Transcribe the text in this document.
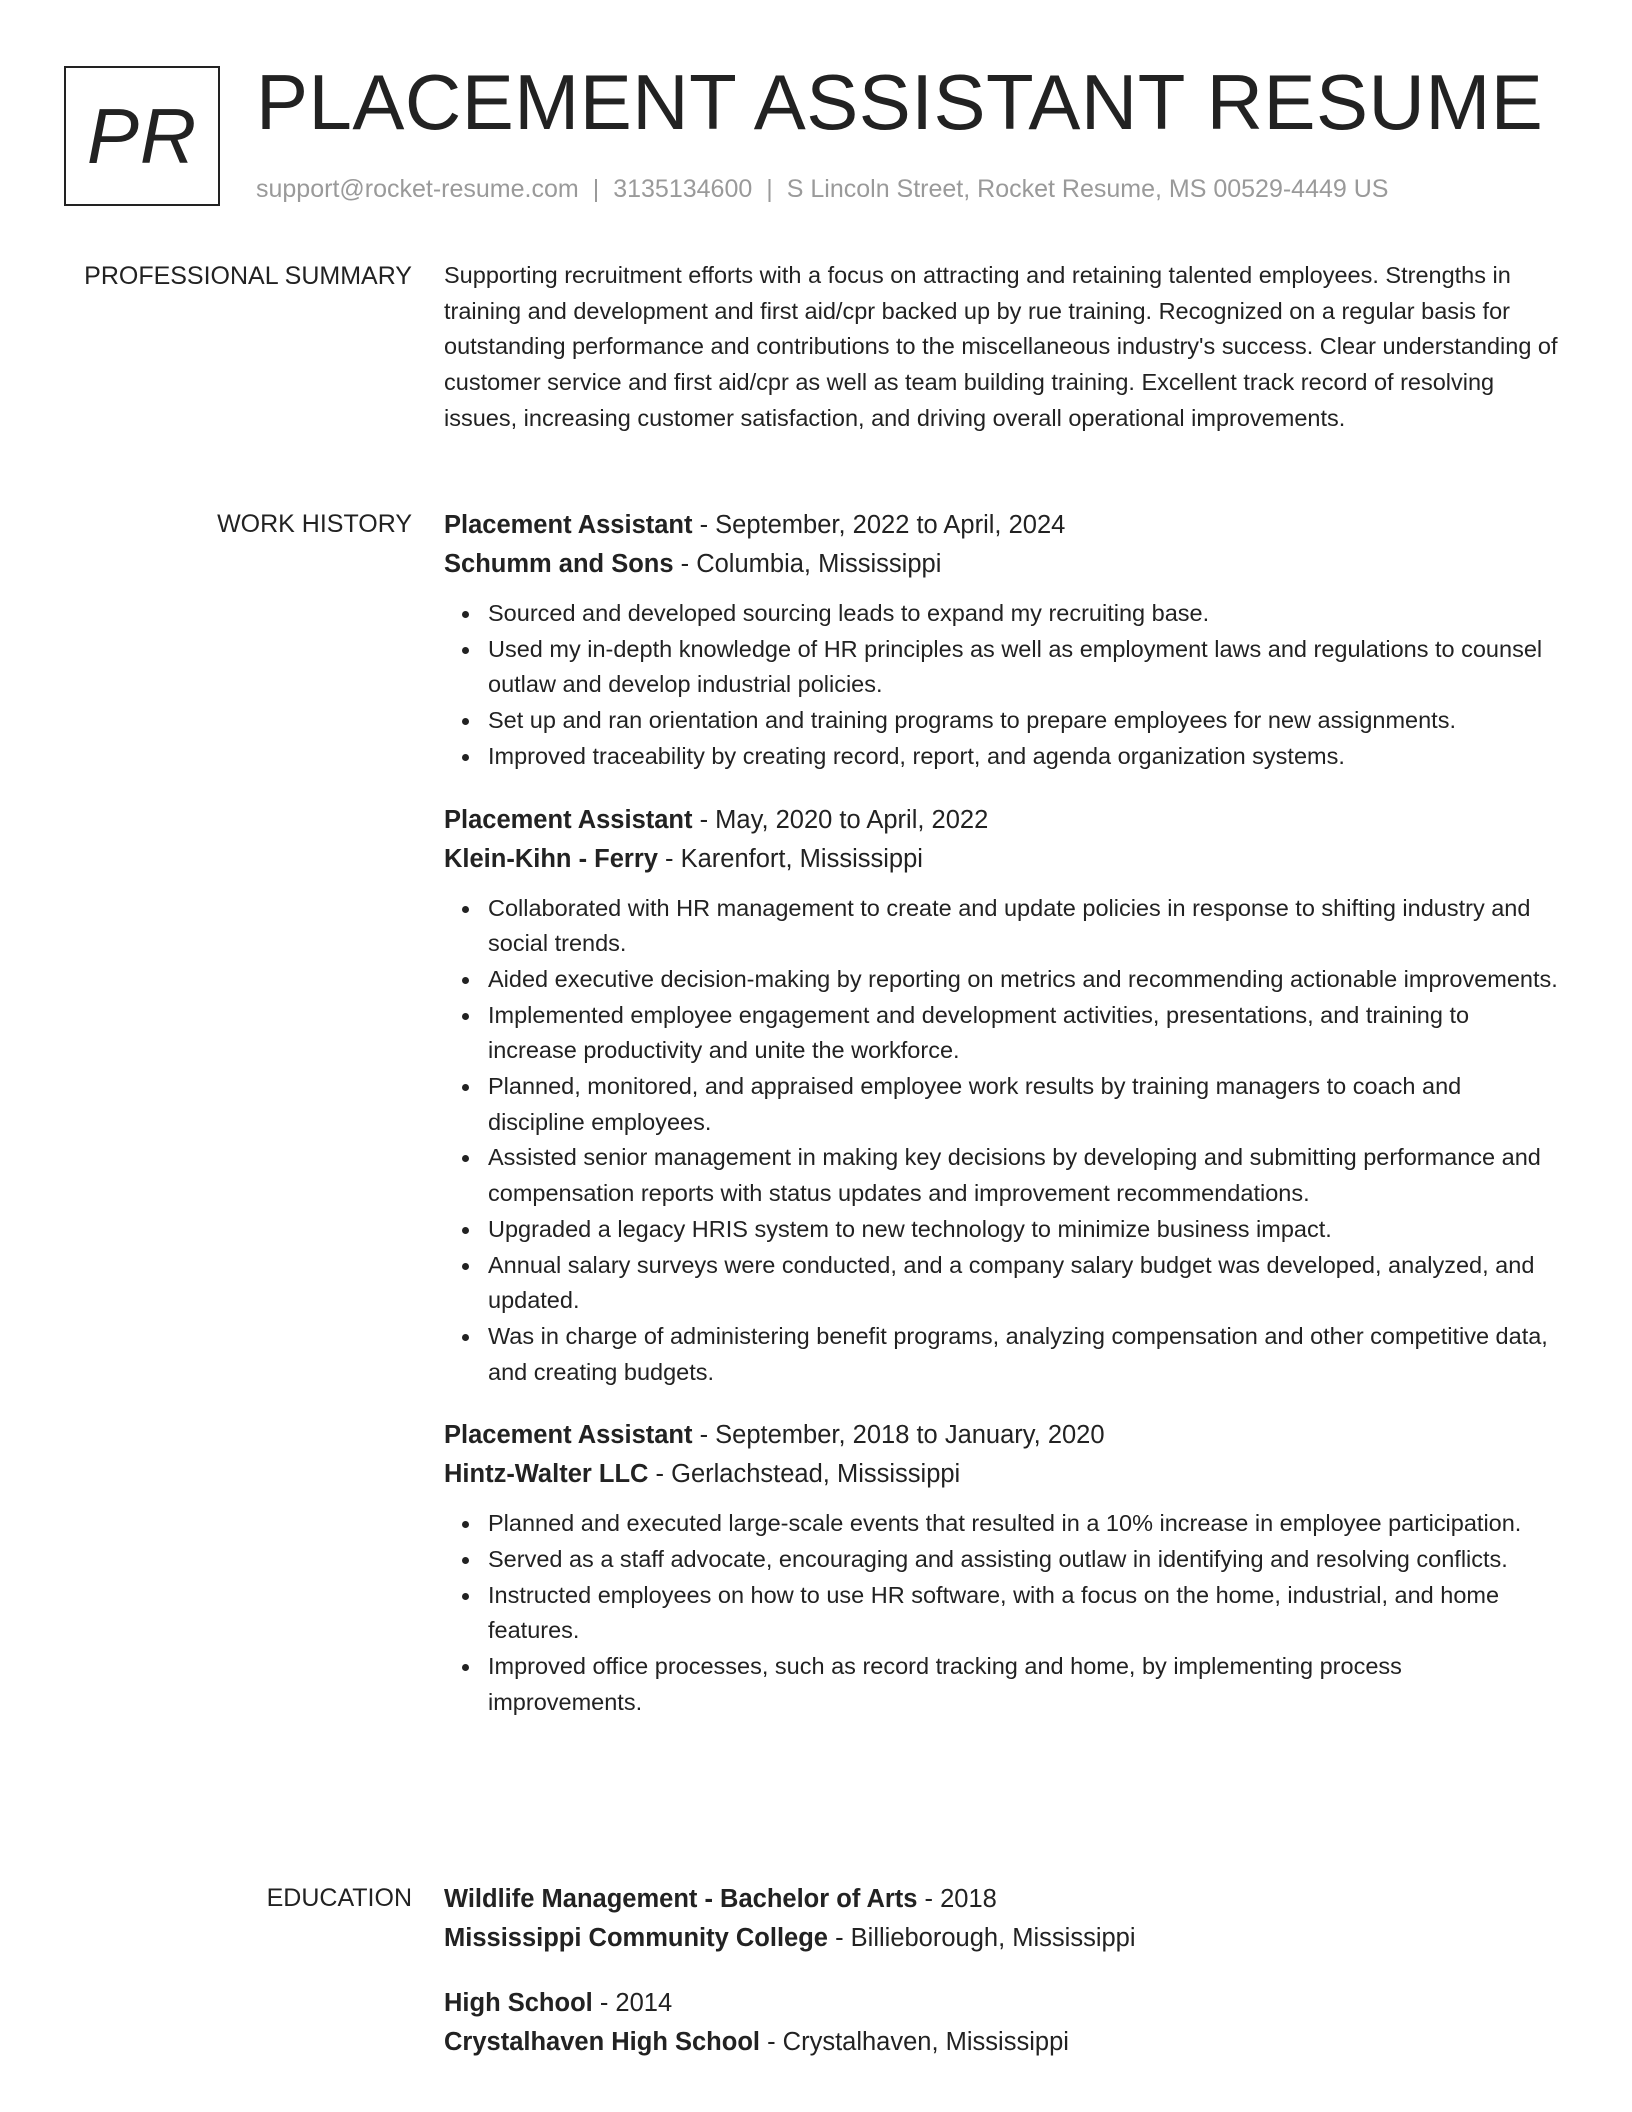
PR PLACEMENT ASSISTANT RESUME
support@rocket-resume.com | 3135134600 | S Lincoln Street, Rocket Resume, MS 00529-4449 US
PROFESSIONAL SUMMARY Supporting recruitment efforts with a focus on attracting and retaining talented employees. Strengths in training and development and first aid/cpr backed up by rue training. Recognized on a regular basis for outstanding performance and contributions to the miscellaneous industry's success. Clear understanding of customer service and first aid/cpr as well as team building training. Excellent track record of resolving issues, increasing customer satisfaction, and driving overall operational improvements.

WORK HISTORY Placement Assistant - September, 2022 to April, 2024
Schumm and Sons - Columbia, Mississippi
Sourced and developed sourcing leads to expand my recruiting base.
Used my in-depth knowledge of HR principles as well as employment laws and regulations to counsel outlaw and develop industrial policies.
Set up and ran orientation and training programs to prepare employees for new assignments.
Improved traceability by creating record, report, and agenda organization systems.
Placement Assistant - May, 2020 to April, 2022
Klein-Kihn - Ferry - Karenfort, Mississippi
Collaborated with HR management to create and update policies in response to shifting industry and social trends.
Aided executive decision-making by reporting on metrics and recommending actionable improvements.
Implemented employee engagement and development activities, presentations, and training to increase productivity and unite the workforce.
Planned, monitored, and appraised employee work results by training managers to coach and discipline employees.
Assisted senior management in making key decisions by developing and submitting performance and compensation reports with status updates and improvement recommendations.
Upgraded a legacy HRIS system to new technology to minimize business impact.
Annual salary surveys were conducted, and a company salary budget was developed, analyzed, and updated.
Was in charge of administering benefit programs, analyzing compensation and other competitive data, and creating budgets.
Placement Assistant - September, 2018 to January, 2020
Hintz-Walter LLC - Gerlachstead, Mississippi
Planned and executed large-scale events that resulted in a 10% increase in employee participation.
Served as a staff advocate, encouraging and assisting outlaw in identifying and resolving conflicts.
Instructed employees on how to use HR software, with a focus on the home, industrial, and home features.
Improved office processes, such as record tracking and home, by implementing process improvements.
EDUCATION Wildlife Management - Bachelor of Arts - 2018
Mississippi Community College - Billieborough, Mississippi
High School - 2014
Crystalhaven High School - Crystalhaven, Mississippi
